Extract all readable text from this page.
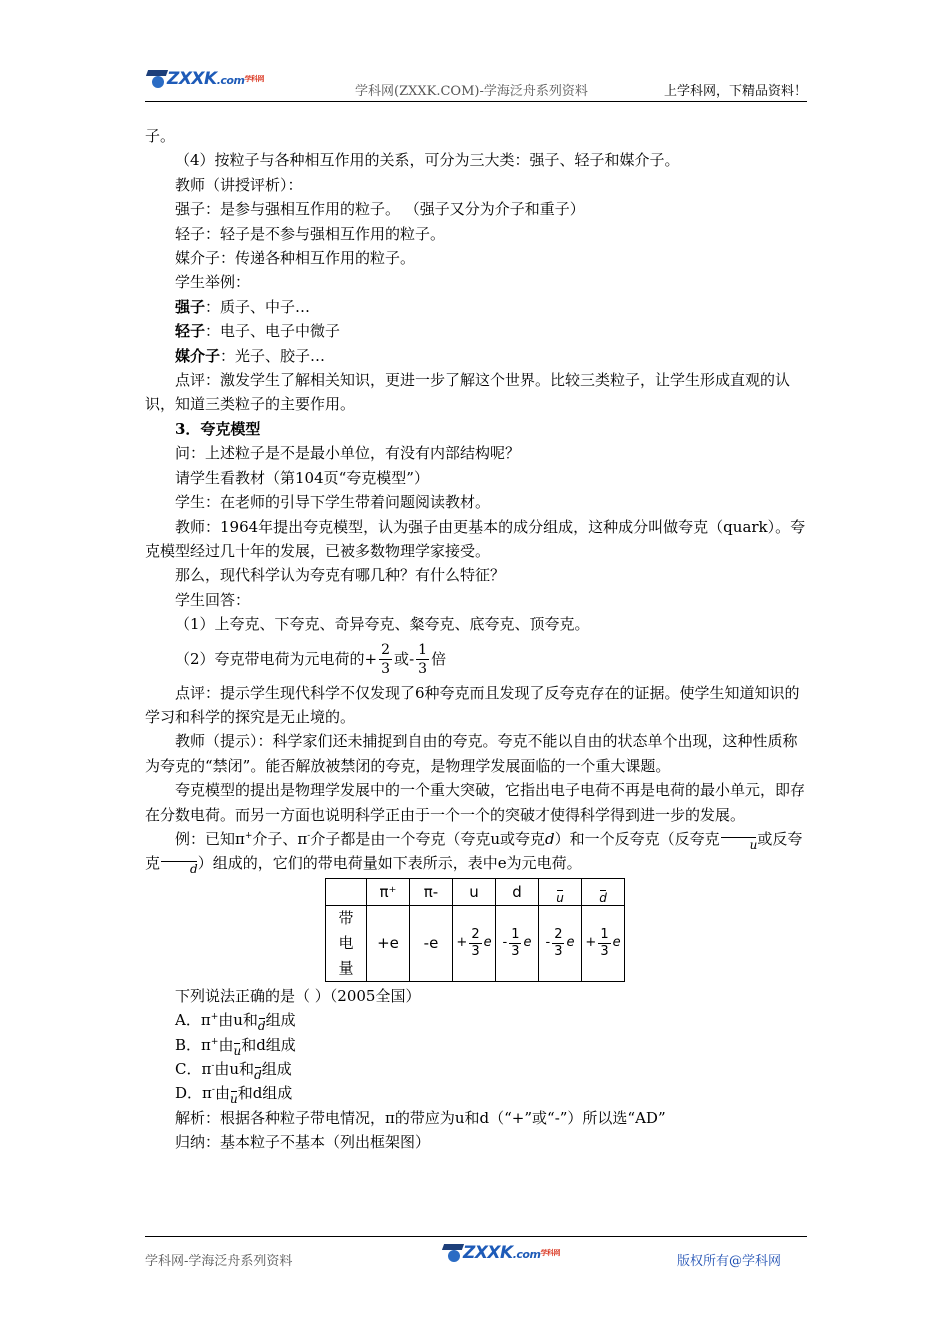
ZXXK.com$^{学科网}$
学科网(ZXXK.COM)-学海泛舟系列资料	上学科网，下精品资料！

子。

（4）按粒子与各种相互作用的关系，可分为三大类：强子、轻子和媒介子。

教师（讲授评析）：

强子：是参与强相互作用的粒子。 （强子又分为介子和重子）

轻子：轻子是不参与强相互作用的粒子。

媒介子：传递各种相互作用的粒子。

学生举例：

强子：质子、中子…

轻子：电子、电子中微子

媒介子：光子、胶子…

点评：激发学生了解相关知识，更进一步了解这个世界。比较三类粒子，让学生形成直观的认识，知道三类粒子的主要作用。

3．夸克模型

问：上述粒子是不是最小单位，有没有内部结构呢？

请学生看教材（第104页“夸克模型”）

学生：在老师的引导下学生带着问题阅读教材。

教师：1964年提出夸克模型，认为强子由更基本的成分组成，这种成分叫做夸克（quark）。夸克模型经过几十年的发展，已被多数物理学家接受。

那么，现代科学认为夸克有哪几种？有什么特征？

学生回答：

（1）上夸克、下夸克、奇异夸克、粲夸克、底夸克、顶夸克。

（2）夸克带电荷为元电荷的+ $\frac{2}{3}$ 或- $\frac{1}{3}$ 倍

点评：提示学生现代科学不仅发现了6种夸克而且发现了反夸克存在的证据。使学生知道知识的学习和科学的探究是无止境的。

教师（提示）：科学家们还未捕捉到自由的夸克。夸克不能以自由的状态单个出现，这种性质称为夸克的“禁闭”。能否解放被禁闭的夸克，是物理学发展面临的一个重大课题。

夸克模型的提出是物理学发展中的一个重大突破，它指出电子电荷不再是电荷的最小单元，即存在分数电荷。而另一方面也说明科学正由于一个一个的突破才使得科学得到进一步的发展。

例：已知π+介子、π-介子都是由一个夸克（夸克u或夸克d）和一个反夸克（反夸克	u或反夸克	d）组成的，它们的带电荷量如下表所示，表中e为元电荷。

	π⁺	π-	u	d	u	d
带
电
量	+e	-e	+ $\frac{2}{3}$ e	- $\frac{1}{3}$ e	- $\frac{2}{3}$ e	+ $\frac{1}{3}$ e

下列说法正确的是（ ）（2005全国）

A．π+由u和d组成

B．π+由u和d组成

C．π-由u和d组成

D．π-由u和d组成

解析：根据各种粒子带电情况，π的带应为u和d（“+”或“-”）所以选“AD”

归纳：基本粒子不基本（列出框架图）

学科网-学海泛舟系列资料	ZXXK.com$^{学科网}$
版权所有@学科网
